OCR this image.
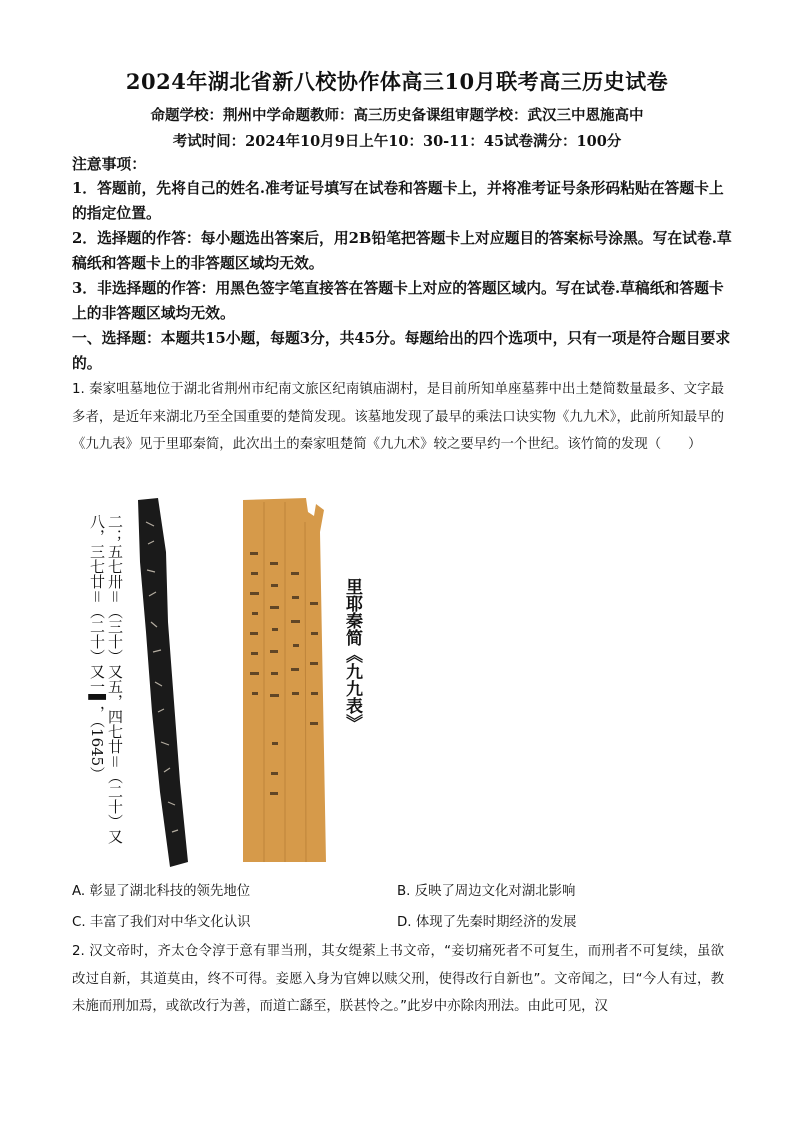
2024年湖北省新八校协作体高三10月联考高三历史试卷
命题学校：荆州中学命题教师：高三历史备课组审题学校：武汉三中恩施高中
考试时间：2024年10月9日上午10：30-11：45试卷满分：100分
注意事项：

1．答题前，先将自己的姓名.准考证号填写在试卷和答题卡上，并将准考证号条形码粘贴在答题卡上的指定位置。

2．选择题的作答：每小题选出答案后，用2B铅笔把答题卡上对应题目的答案标号涂黑。写在试卷.草稿纸和答题卡上的非答题区域均无效。

3．非选择题的作答：用黑色签字笔直接答在答题卡上对应的答题区域内。写在试卷.草稿纸和答题卡上的非答题区域均无效。

一、选择题：本题共15小题，每题3分，共45分。每题给出的四个选项中，只有一项是符合题目要求的。

1. 秦家咀墓地位于湖北省荆州市纪南文旅区纪南镇庙湖村，是目前所知单座墓葬中出土楚简数量最多、文字最多者，是近年来湖北乃至全国重要的楚简发现。该墓地发现了最早的乘法口诀实物《九九术》，此前所知最早的《九九表》见于里耶秦简，此次出土的秦家咀楚简《九九术》较之要早约一个世纪。该竹简的发现（　　）

二；五七卅＝（三十）又五，四七廿＝（二十）又八，三七廿＝（二十）又一▌，（1645）	里耶秦简《九九表》
A. 彰显了湖北科技的领先地位	B. 反映了周边文化对湖北影响
C. 丰富了我们对中华文化认识	D. 体现了先秦时期经济的发展

2. 汉文帝时，齐太仓令淳于意有罪当刑，其女缇萦上书文帝，“妾切痛死者不可复生，而刑者不可复续，虽欲改过自新，其道莫由，终不可得。妾愿入身为官婢以赎父刑，使得改行自新也”。文帝闻之，曰“今人有过，教未施而刑加焉，或欲改行为善，而道亡繇至，朕甚怜之。”此岁中亦除肉刑法。由此可见，汉
